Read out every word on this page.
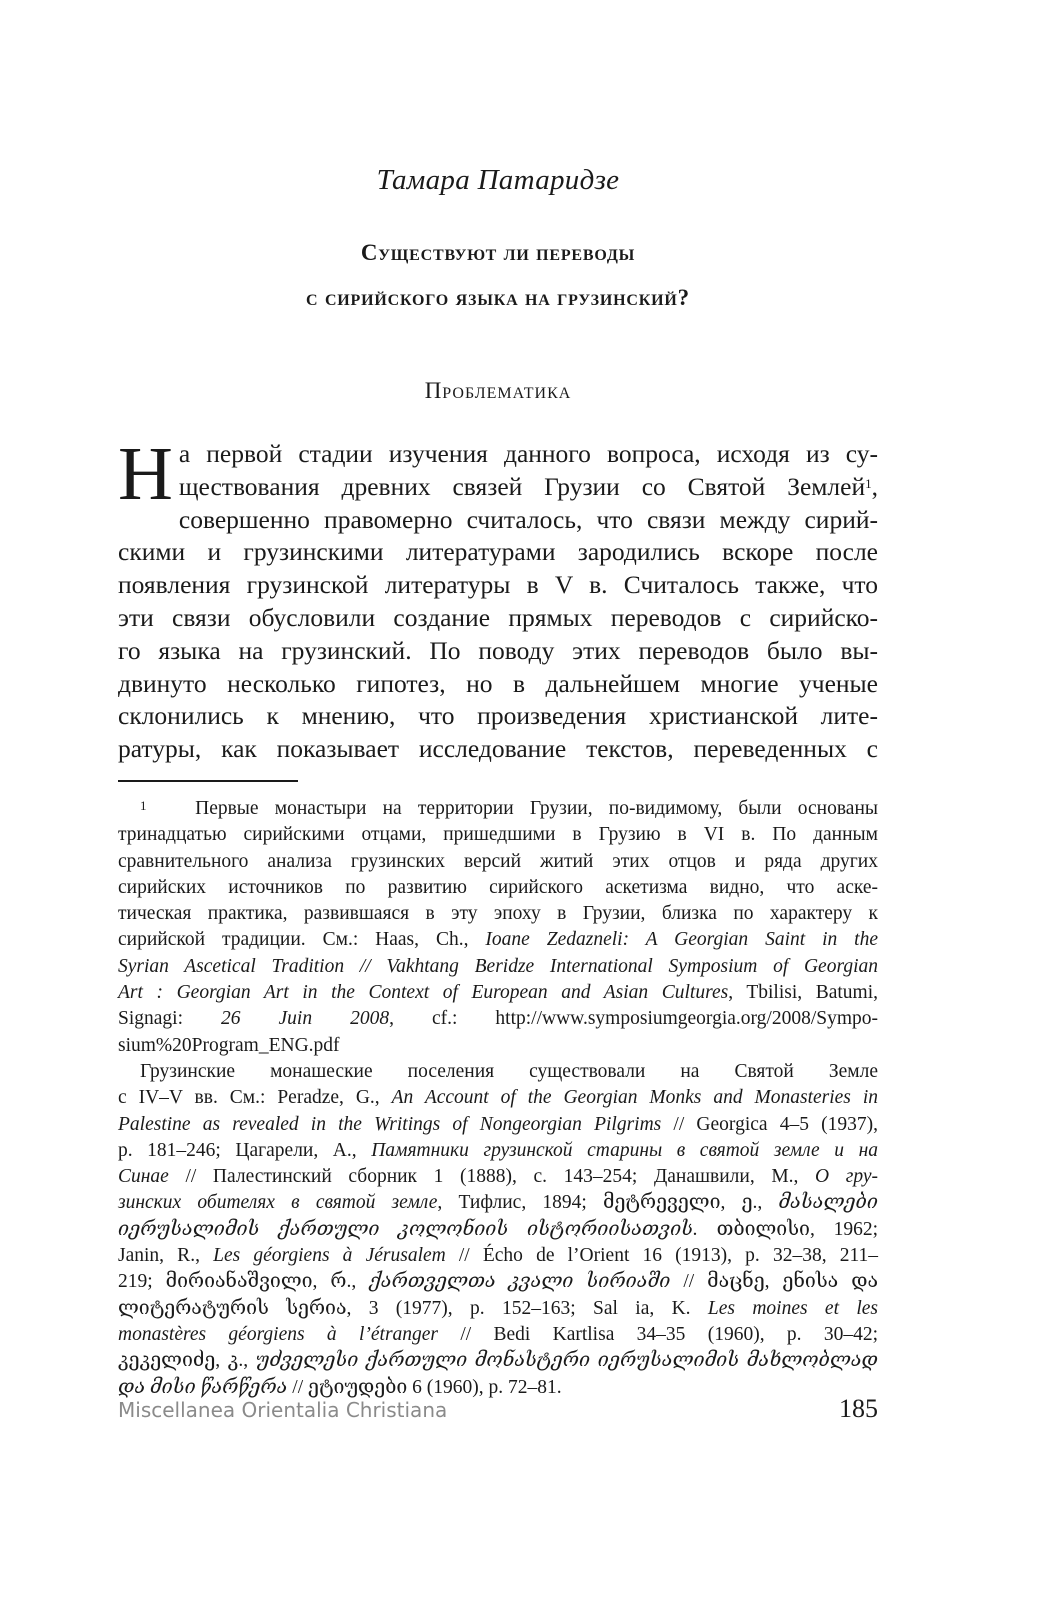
Тамара Патаридзе
Существуют ли переводы
с сирийского языка на грузинский?
Проблематика
Н а первой стадии изучения данного вопроса, исходя из су-
ществования древних связей Грузии со Святой Землей$^1$,
совершенно правомерно считалось, что связи между сирий-
скими и грузинскими литературами зародились вскоре после
появления грузинской литературы в V в. Считалось также, что
эти связи обусловили создание прямых переводов с сирийско-
го языка на грузинский. По поводу этих переводов было вы-
двинуто несколько гипотез, но в дальнейшем многие ученые
склонились к мнению, что произведения христианской лите-
ратуры, как показывает исследование текстов, переведенных с
$^1$ Первые монастыри на территории Грузии, по-видимому, были основаны
тринадцатью сирийскими отцами, пришедшими в Грузию в VI в. По данным
сравнительного анализа грузинских версий житий этих отцов и ряда других
сирийских источников по развитию сирийского аскетизма видно, что аске-
тическая практика, развившаяся в эту эпоху в Грузии, близка по характеру к
сирийской традиции. См.: Haas, Ch., Ioane Zedazneli: A Georgian Saint in the
Syrian Ascetical Tradition // Vakhtang Beridze International Symposium of Georgian
Art : Georgian Art in the Context of European and Asian Cultures, Tbilisi, Batumi,
Signagi: 26 Juin 2008, cf.: http://www.symposiumgeorgia.org/2008/Sympo-
sium%20Program_ENG.pdf
Грузинские монашеские поселения существовали на Святой Земле
с IV–V вв. См.: Peradze, G., An Account of the Georgian Monks and Monasteries in
Palestine as revealed in the Writings of Nongeorgian Pilgrims // Georgica 4–5 (1937),
p. 181–246; Цагарели, А., Памятники грузинской старины в святой земле и на
Синае // Палестинский сборник 1 (1888), с. 143–254; Данашвили, М., О гру-
зинских обителях в святой земле, Тифлис, 1894; მეტრეველი, ე., მასალები
იერუსალიმის ქართული კოლონიის ისტორიისათვის. თბილისი, 1962;
Janin, R., Les géorgiens à Jérusalem // Écho de l’Orient 16 (1913), p. 32–38, 211–
219; მირიანაშვილი, რ., ქართველთა კვალი სირიაში // მაცნე, ენისა და
ლიტერატურის სერია, 3 (1977), p. 152–163; Sal ia, K. Les moines et les
monastères géorgiens à l’étranger // Bedi Kartlisa 34–35 (1960), p. 30–42;
კეკელიძე, კ., უძველესი ქართული მონასტერი იერუსალიმის მახლობლად
და მისი წარწერა // ეტიუდები 6 (1960), p. 72–81.
Miscellanea Orientalia Christiana	185
